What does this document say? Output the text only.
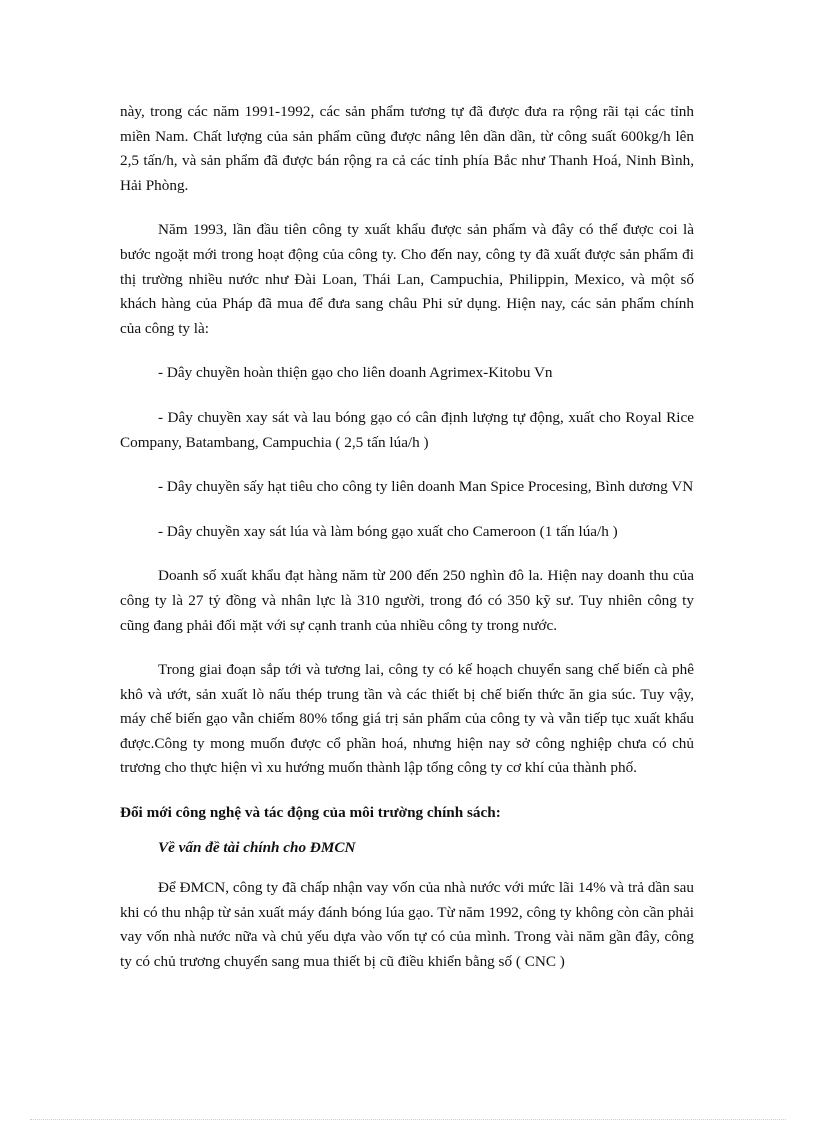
này, trong các năm 1991-1992, các sản phẩm tương tự đã được đưa ra rộng rãi tại các tỉnh miền Nam. Chất lượng của sản phẩm cũng được nâng lên dần dần, từ công suất 600kg/h lên 2,5 tấn/h, và sản phẩm đã được bán rộng ra cả các tỉnh phía Bắc như Thanh Hoá, Ninh Bình, Hải Phòng.

Năm 1993, lần đầu tiên công ty xuất khẩu được sản phẩm và đây có thể được coi là bước ngoặt mới trong hoạt động của công ty. Cho đến nay, công ty đã xuất được sản phẩm đi thị trường nhiều nước như Đài Loan, Thái Lan, Campuchia, Philippin, Mexico, và một số khách hàng của Pháp đã mua để đưa sang châu Phi sử dụng. Hiện nay, các sản phẩm chính của công ty là:

- Dây chuyền hoàn thiện gạo cho liên doanh Agrimex-Kitobu Vn

- Dây chuyền xay sát và lau bóng gạo có cân định lượng tự động, xuất cho Royal Rice Company, Batambang, Campuchia ( 2,5 tấn lúa/h )

- Dây chuyền sấy hạt tiêu cho công ty liên doanh Man Spice Procesing, Bình dương VN

- Dây chuyền xay sát lúa và làm bóng gạo xuất cho Cameroon (1 tấn lúa/h )

Doanh số xuất khẩu đạt hàng năm từ 200 đến 250 nghìn đô la. Hiện nay doanh thu của công ty là 27 tỷ đồng và nhân lực là 310 người, trong đó có 350 kỹ sư. Tuy nhiên công ty cũng đang phải đối mặt với sự cạnh tranh của nhiều công ty trong nước.

Trong giai đoạn sắp tới và tương lai, công ty có kế hoạch chuyển sang chế biến cà phê khô và ướt, sản xuất lò nấu thép trung tần và các thiết bị chế biến thức ăn gia súc. Tuy vậy, máy chế biến gạo vẫn chiếm 80% tổng giá trị sản phẩm của công ty và vẫn tiếp tục xuất khẩu được.Công ty mong muốn được cổ phần hoá, nhưng hiện nay sở công nghiệp chưa có chủ trương cho thực hiện vì xu hướng muốn thành lập tổng công ty cơ khí của thành phố.

Đổi mới công nghệ và tác động của môi trường chính sách:

Về vấn đề tài chính cho ĐMCN

Để ĐMCN, công ty đã chấp nhận vay vốn của nhà nước với mức lãi 14% và trả dần sau khi có thu nhập từ sản xuất máy đánh bóng lúa gạo. Từ năm 1992, công ty không còn cần phải vay vốn nhà nước nữa và chủ yếu dựa vào vốn tự có của mình. Trong vài năm gần đây, công ty có chủ trương chuyển sang mua thiết bị cũ điều khiển bằng số ( CNC )
